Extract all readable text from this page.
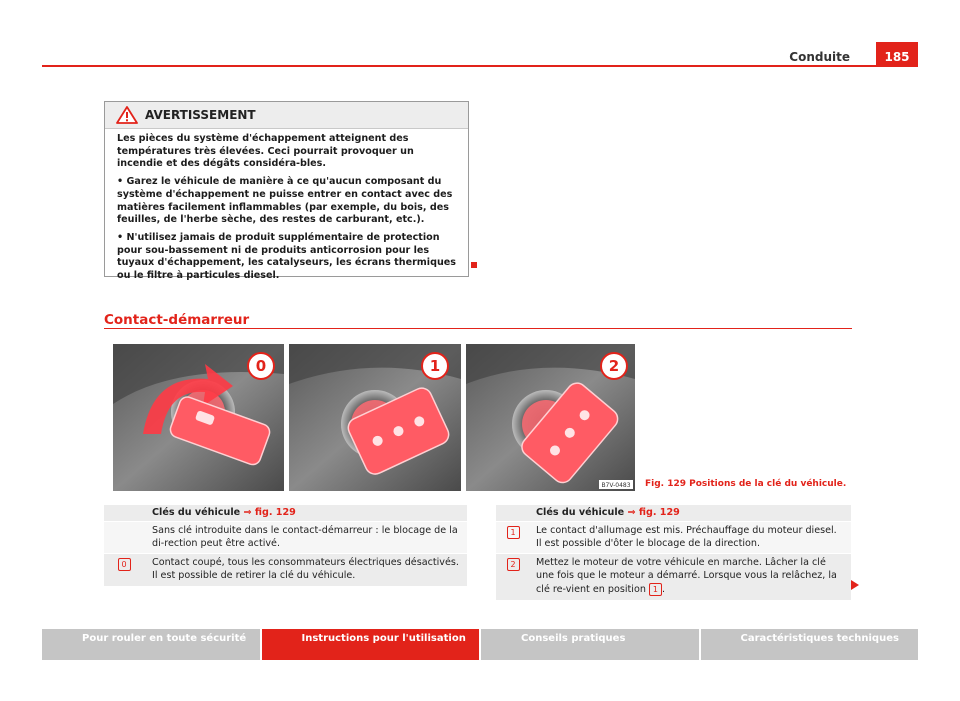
Conduite	185
AVERTISSEMENT

Les pièces du système d'échappement atteignent des températures très élevées. Ceci pourrait provoquer un incendie et des dégâts considéra-bles.

• Garez le véhicule de manière à ce qu'aucun composant du système d'échappement ne puisse entrer en contact avec des matières facilement inflammables (par exemple, du bois, des feuilles, de l'herbe sèche, des restes de carburant, etc.).

• N'utilisez jamais de produit supplémentaire de protection pour sou-bassement ni de produits anticorrosion pour les tuyaux d'échappement, les catalyseurs, les écrans thermiques ou le filtre à particules diesel.

Contact-démarreur
0	1	2
B7V-0483 Fig. 129 Positions de la clé du véhicule.
Clés du véhicule ⇒ fig. 129
Sans clé introduite dans le contact-démarreur : le blocage de la di-rection peut être activé.
0	Contact coupé, tous les consommateurs électriques désactivés. Il est possible de retirer la clé du véhicule.
Clés du véhicule ⇒ fig. 129
1	Le contact d'allumage est mis. Préchauffage du moteur diesel. Il est possible d'ôter le blocage de la direction.
2	Mettez le moteur de votre véhicule en marche. Lâcher la clé une fois que le moteur a démarré. Lorsque vous la relâchez, la clé re-vient en position 1 .
Pour rouler en toute sécurité	Instructions pour l'utilisation	Conseils pratiques	Caractéristiques techniques
